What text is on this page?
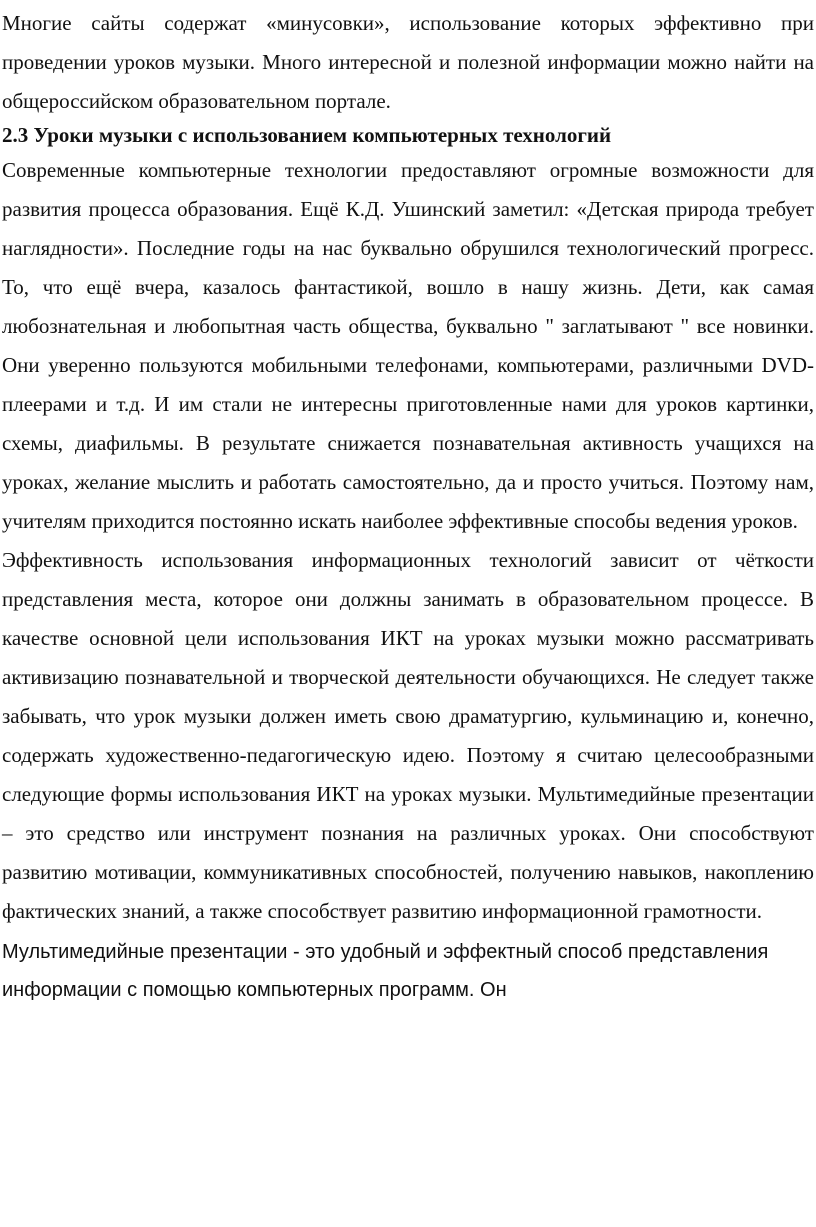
Многие сайты содержат «минусовки», использование которых эффективно при проведении уроков музыки. Много интересной и полезной информации можно найти на общероссийском образовательном портале.

2.3 Уроки музыки с использованием компьютерных технологий

Современные компьютерные технологии предоставляют огромные возможности для развития процесса образования. Ещё К.Д. Ушинский заметил: «Детская природа требует наглядности». Последние годы на нас буквально обрушился технологический прогресс. То, что ещё вчера, казалось фантастикой, вошло в нашу жизнь. Дети, как самая любознательная и любопытная часть общества, буквально " заглатывают " все новинки. Они уверенно пользуются мобильными телефонами, компьютерами, различными DVD- плеерами и т.д. И им стали не интересны приготовленные нами для уроков картинки, схемы, диафильмы. В результате снижается познавательная активность учащихся на уроках, желание мыслить и работать самостоятельно, да и просто учиться. Поэтому нам, учителям приходится постоянно искать наиболее эффективные способы ведения уроков.

Эффективность использования информационных технологий зависит от чёткости представления места, которое они должны занимать в образовательном процессе. В качестве основной цели использования ИКТ на уроках музыки можно рассматривать активизацию познавательной и творческой деятельности обучающихся. Не следует также забывать, что урок музыки должен иметь свою драматургию, кульминацию и, конечно, содержать художественно-педагогическую идею. Поэтому я считаю целесообразными следующие формы использования ИКТ на уроках музыки. Мультимедийные презентации – это средство или инструмент познания на различных уроках. Они способствуют развитию мотивации, коммуникативных способностей, получению навыков, накоплению фактических знаний, а также способствует развитию информационной грамотности.

Мультимедийные презентации - это удобный и эффектный способ представления информации с помощью компьютерных программ. Он
